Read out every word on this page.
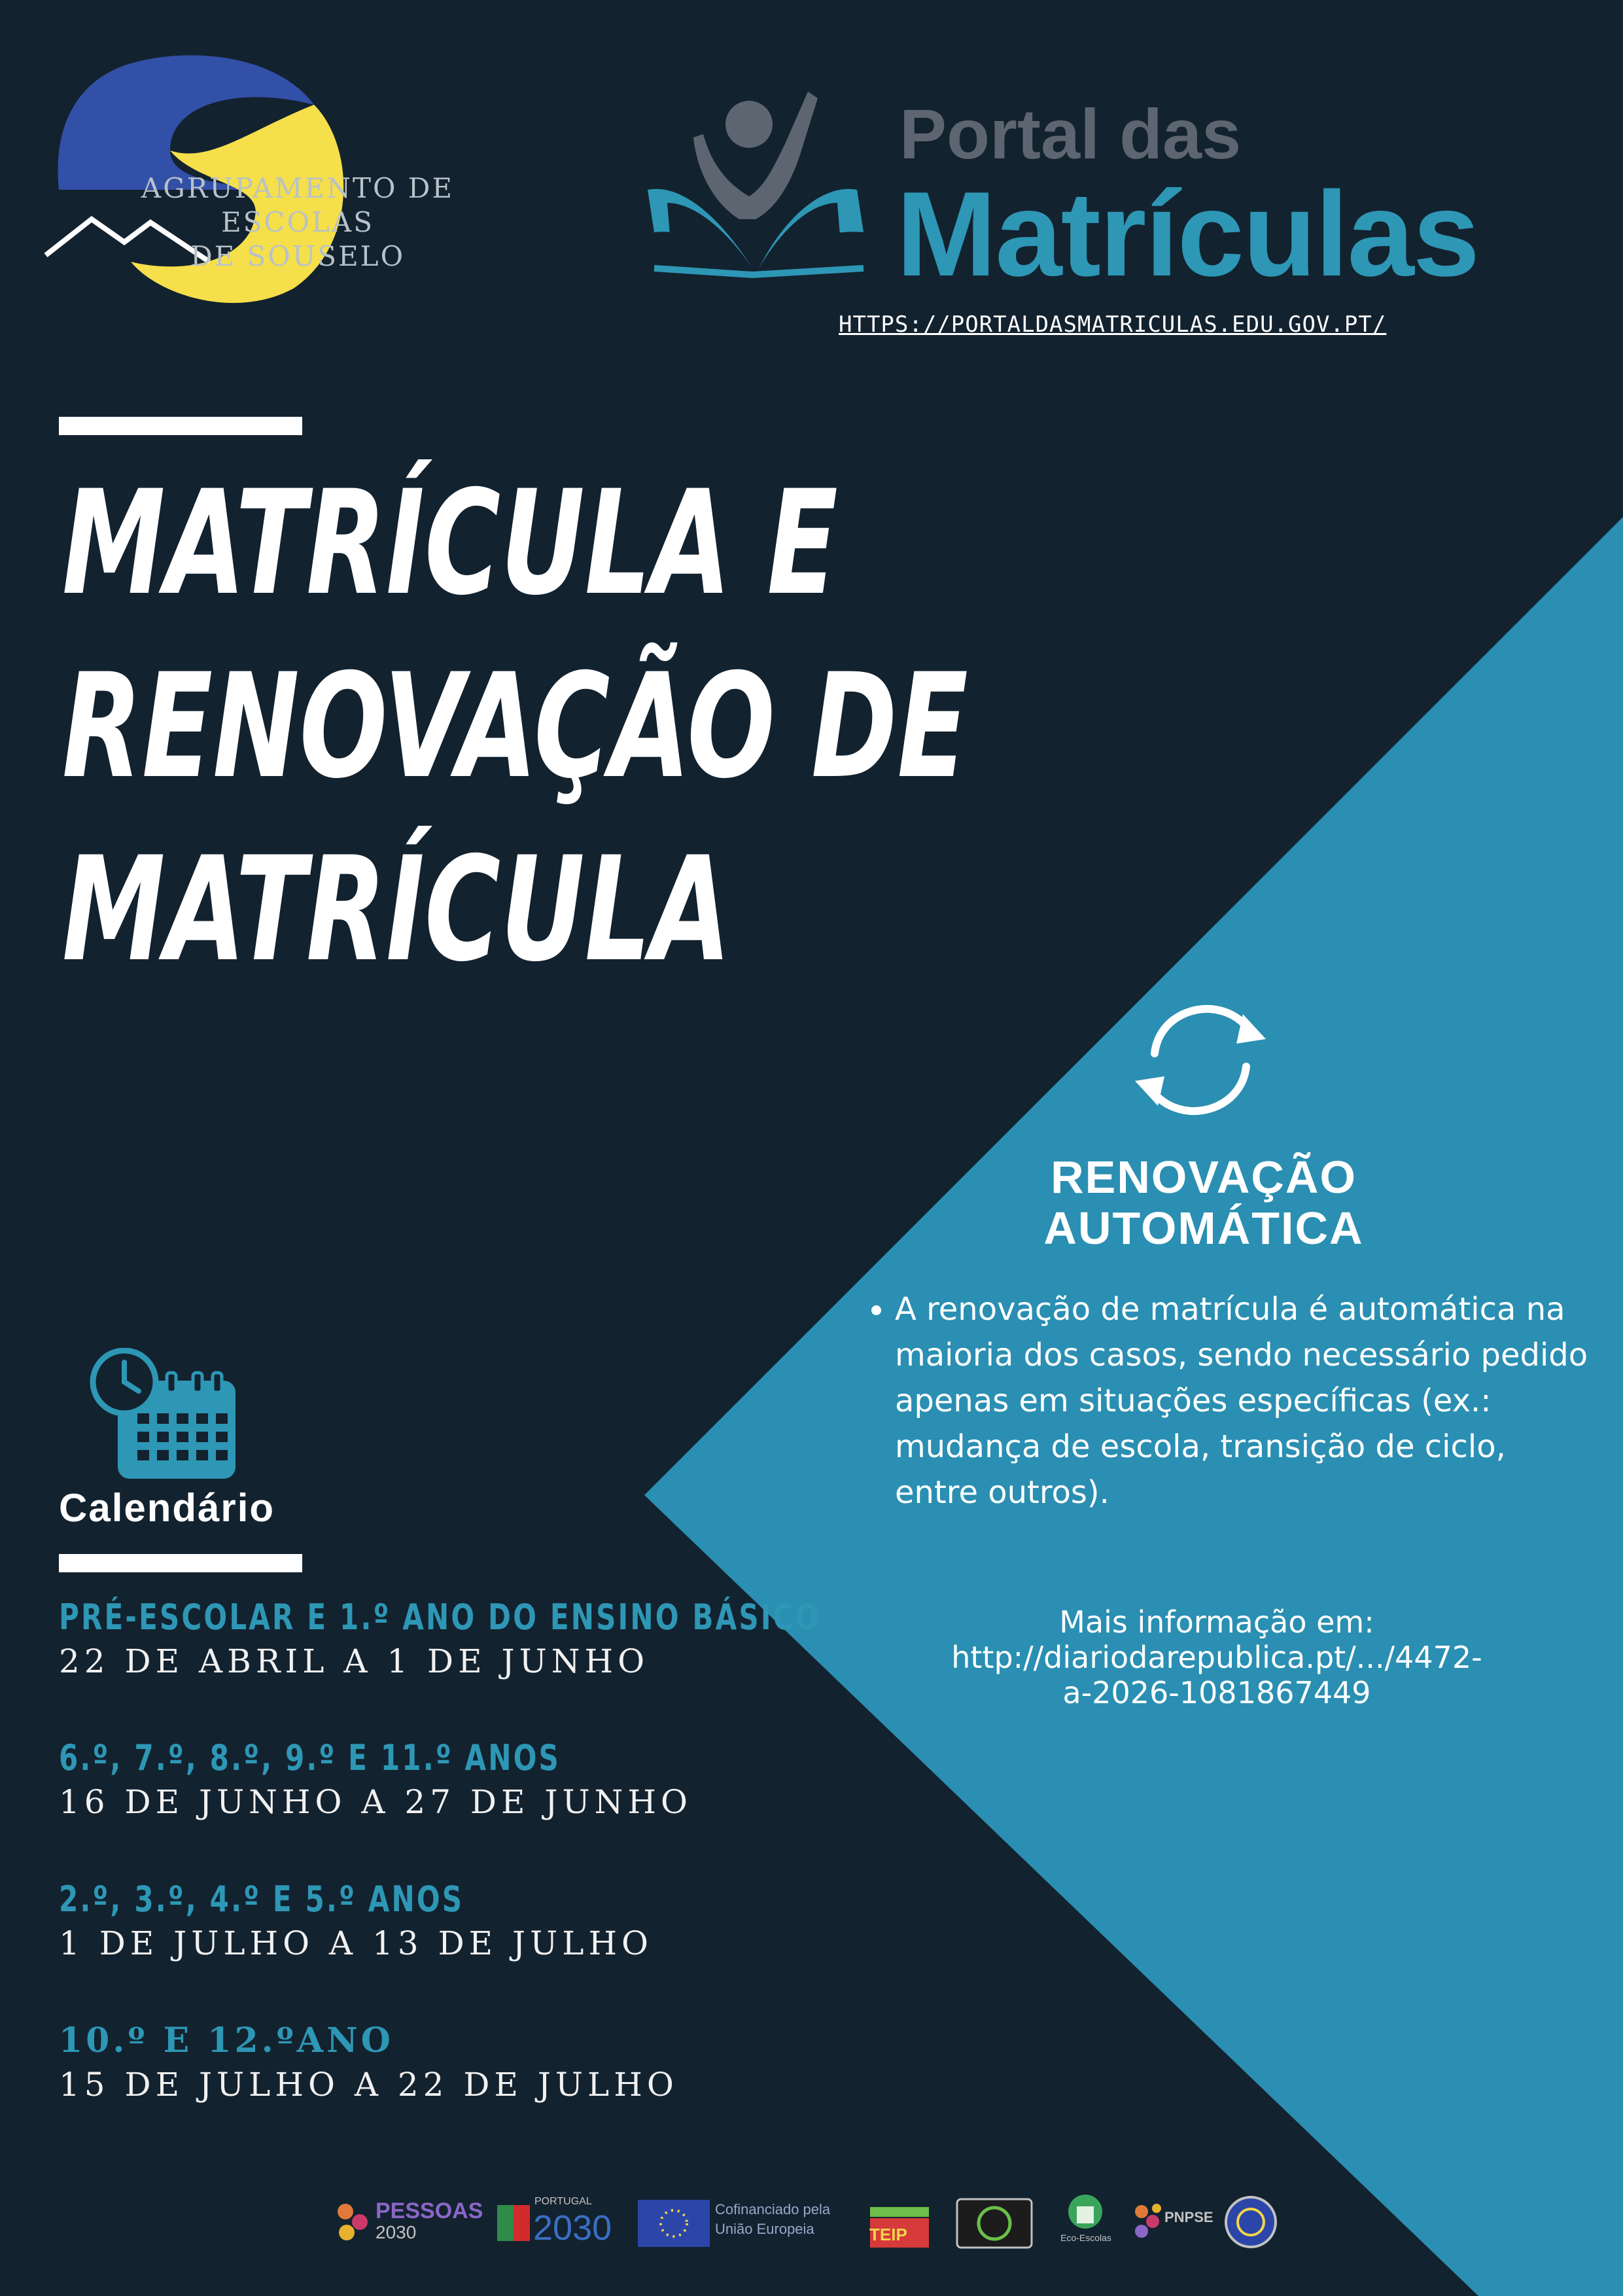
AGRUPAMENTO DE ESCOLAS
DE SOUSELO
Portal das
Matrículas
HTTPS://PORTALDASMATRICULAS.EDU.GOV.PT/
MATRÍCULA E
RENOVAÇÃO DE
MATRÍCULA
RENOVAÇÃO
AUTOMÁTICA
• A renovação de matrícula é automática na maioria dos casos, sendo necessário pedido apenas em situações específicas (ex.: mudança de escola, transição de ciclo, entre outros).
Mais informação em:
http://diariodarepublica.pt/.../4472-
a-2026-1081867449
Calendário
PRÉ-ESCOLAR E 1.º ANO DO ENSINO BÁSICO
22 DE ABRIL A 1 DE JUNHO
6.º, 7.º, 8.º, 9.º E 11.º ANOS
16 DE JUNHO A 27 DE JUNHO
2.º, 3.º, 4.º E 5.º ANOS
1 DE JULHO A 13 DE JULHO
10.º E 12.ºANO
15 DE JULHO A 22 DE JULHO
PESSOAS
2030
PORTUGAL
2030	Cofinanciado pela União Europeia	TEIP	Eco-Escolas
PNPSE
